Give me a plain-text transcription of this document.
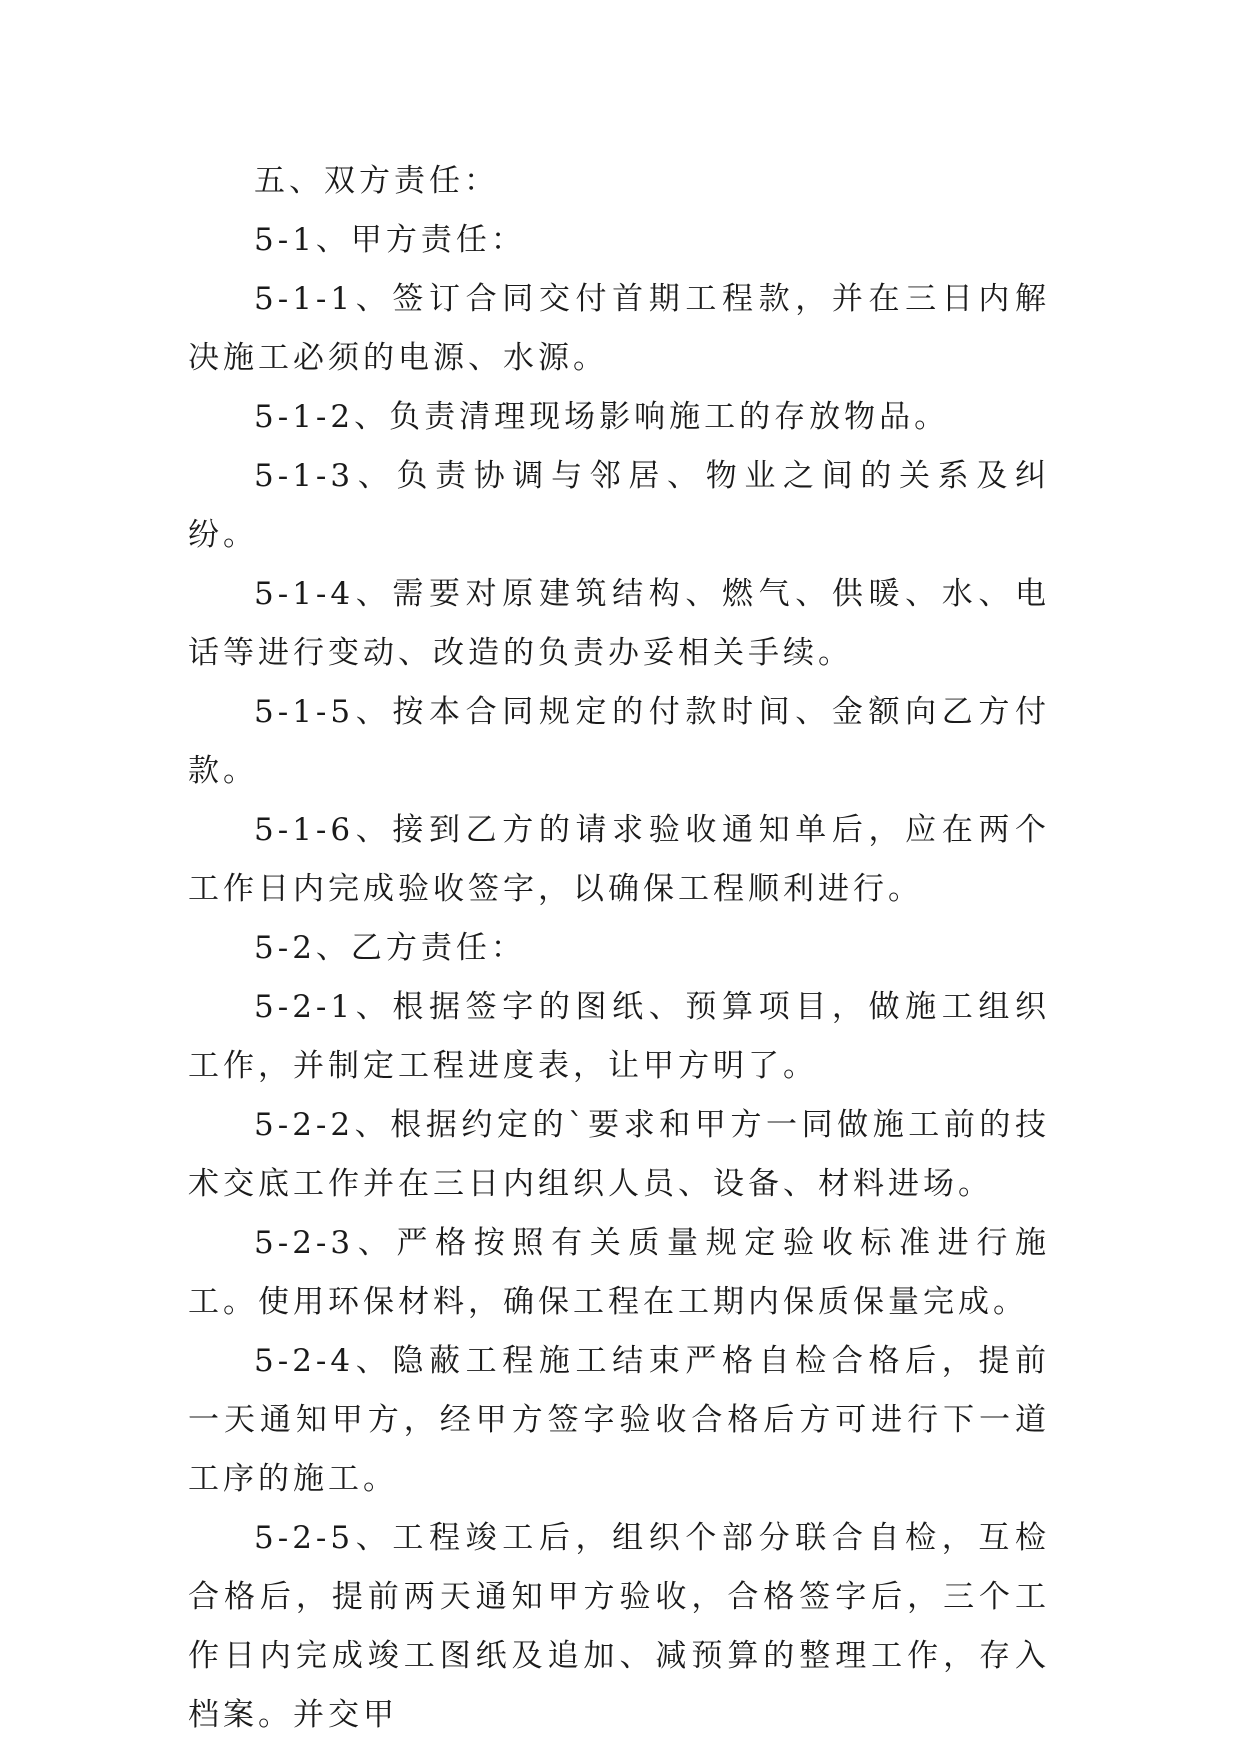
五、双方责任：

5-1、甲方责任：

5-1-1、签订合同交付首期工程款，并在三日内解决施工必须的电源、水源。

5-1-2、负责清理现场影响施工的存放物品。

5-1-3、负责协调与邻居、物业之间的关系及纠纷。

5-1-4、需要对原建筑结构、燃气、供暖、水、电话等进行变动、改造的负责办妥相关手续。

5-1-5、按本合同规定的付款时间、金额向乙方付款。

5-1-6、接到乙方的请求验收通知单后，应在两个工作日内完成验收签字，以确保工程顺利进行。

5-2、乙方责任：

5-2-1、根据签字的图纸、预算项目，做施工组织工作，并制定工程进度表，让甲方明了。

5-2-2、根据约定的`要求和甲方一同做施工前的技术交底工作并在三日内组织人员、设备、材料进场。

5-2-3、严格按照有关质量规定验收标准进行施工。使用环保材料，确保工程在工期内保质保量完成。

5-2-4、隐蔽工程施工结束严格自检合格后，提前一天通知甲方，经甲方签字验收合格后方可进行下一道工序的施工。

5-2-5、工程竣工后，组织个部分联合自检，互检合格后，提前两天通知甲方验收，合格签字后，三个工作日内完成竣工图纸及追加、减预算的整理工作，存入档案。并交甲
